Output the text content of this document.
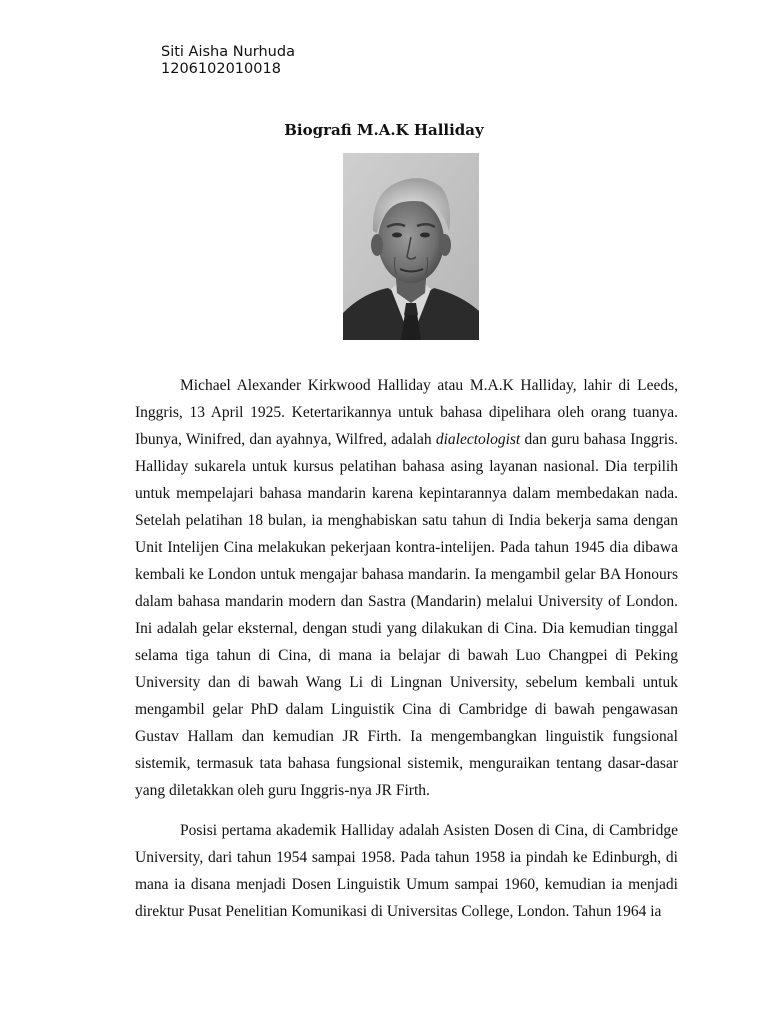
Siti Aisha Nurhuda
1206102010018
Biografi M.A.K Halliday

Michael Alexander Kirkwood Halliday atau M.A.K Halliday, lahir di Leeds, Inggris, 13 April 1925. Ketertarikannya untuk bahasa dipelihara oleh orang tuanya. Ibunya, Winifred, dan ayahnya, Wilfred, adalah dialectologist dan guru bahasa Inggris. Halliday sukarela untuk kursus pelatihan bahasa asing layanan nasional. Dia terpilih untuk mempelajari bahasa mandarin karena kepintarannya dalam membedakan nada. Setelah pelatihan 18 bulan, ia menghabiskan satu tahun di India bekerja sama dengan Unit Intelijen Cina melakukan pekerjaan kontra-intelijen. Pada tahun 1945 dia dibawa kembali ke London untuk mengajar bahasa mandarin. Ia mengambil gelar BA Honours dalam bahasa mandarin modern dan Sastra (Mandarin) melalui University of London. Ini adalah gelar eksternal, dengan studi yang dilakukan di Cina. Dia kemudian tinggal selama tiga tahun di Cina, di mana ia belajar di bawah Luo Changpei di Peking University dan di bawah Wang Li di Lingnan University, sebelum kembali untuk mengambil gelar PhD dalam Linguistik Cina di Cambridge di bawah pengawasan Gustav Hallam dan kemudian JR Firth. Ia mengembangkan linguistik fungsional sistemik, termasuk tata bahasa fungsional sistemik, menguraikan tentang dasar-dasar yang diletakkan oleh guru Inggris-nya JR Firth.

Posisi pertama akademik Halliday adalah Asisten Dosen di Cina, di Cambridge University, dari tahun 1954 sampai 1958. Pada tahun 1958 ia pindah ke Edinburgh, di mana ia disana menjadi Dosen Linguistik Umum sampai 1960, kemudian ia menjadi direktur Pusat Penelitian Komunikasi di Universitas College, London. Tahun 1964 ia
